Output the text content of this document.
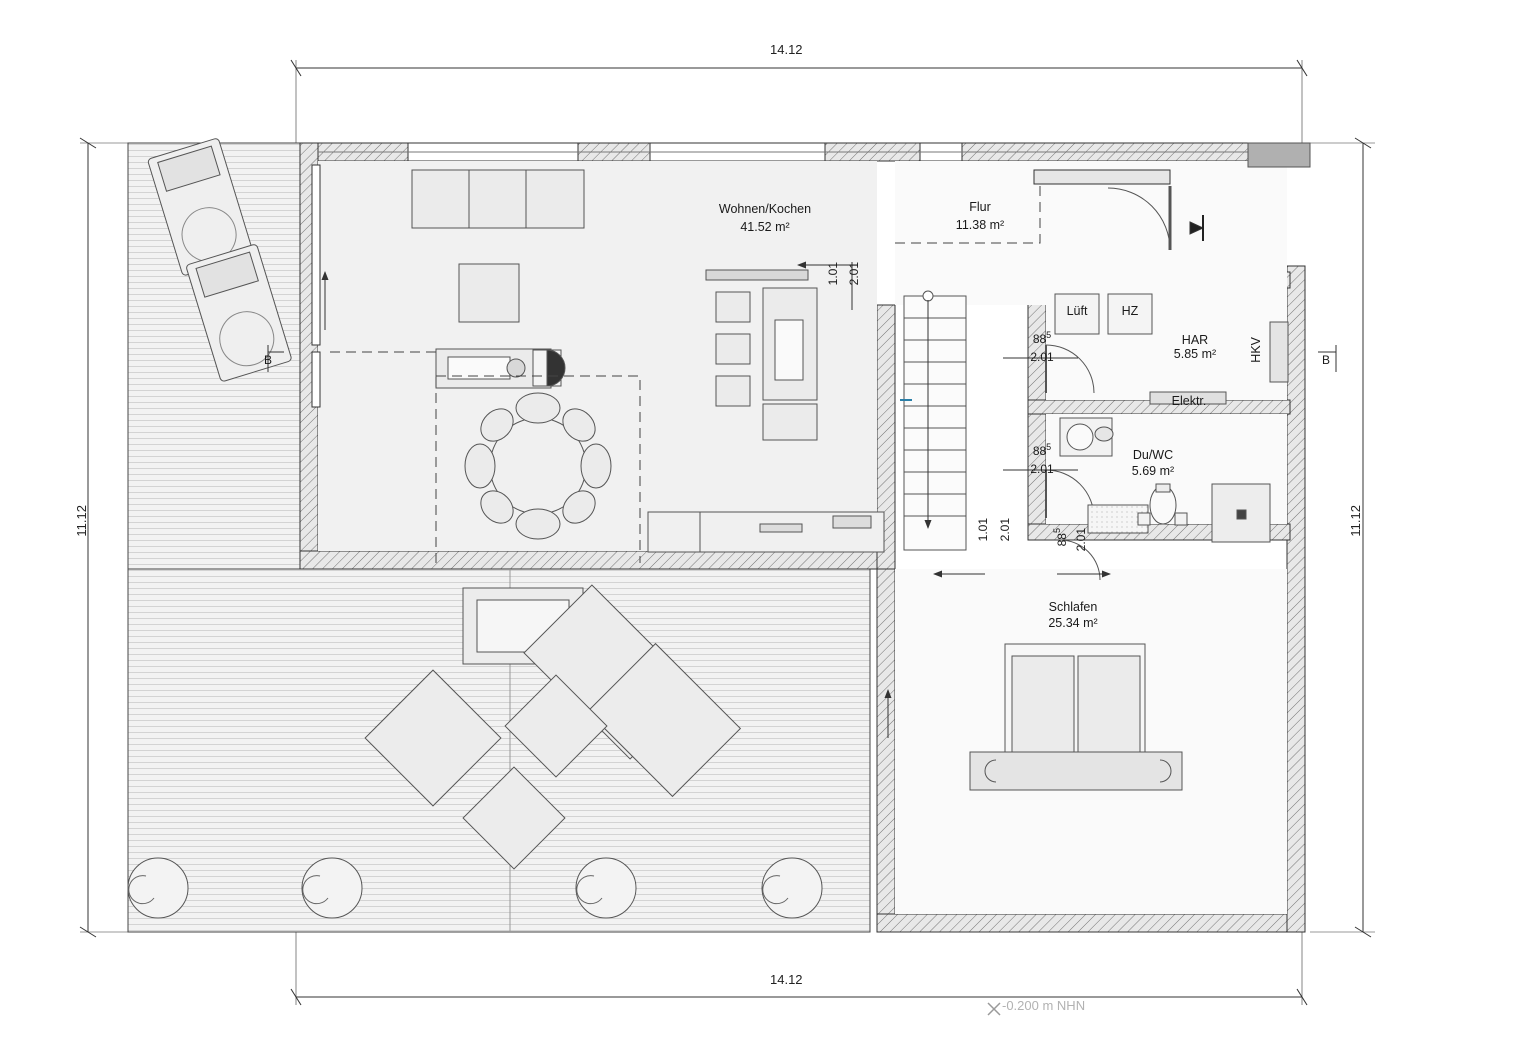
14.12
14.12
11.12	11.12
B	B
Wohnen/Kochen
41.52 m²
Flur
11.38 m²
HAR
5.85 m²
Du/WC
5.69 m²
Schlafen
25.34 m²
Lüft	HZ
HKV
Elektr.
1.01 2.01
$88^5$
2.01
$88^5$
2.01
1.01 2.01	$88^5$	2.01
-0.200 m NHN
